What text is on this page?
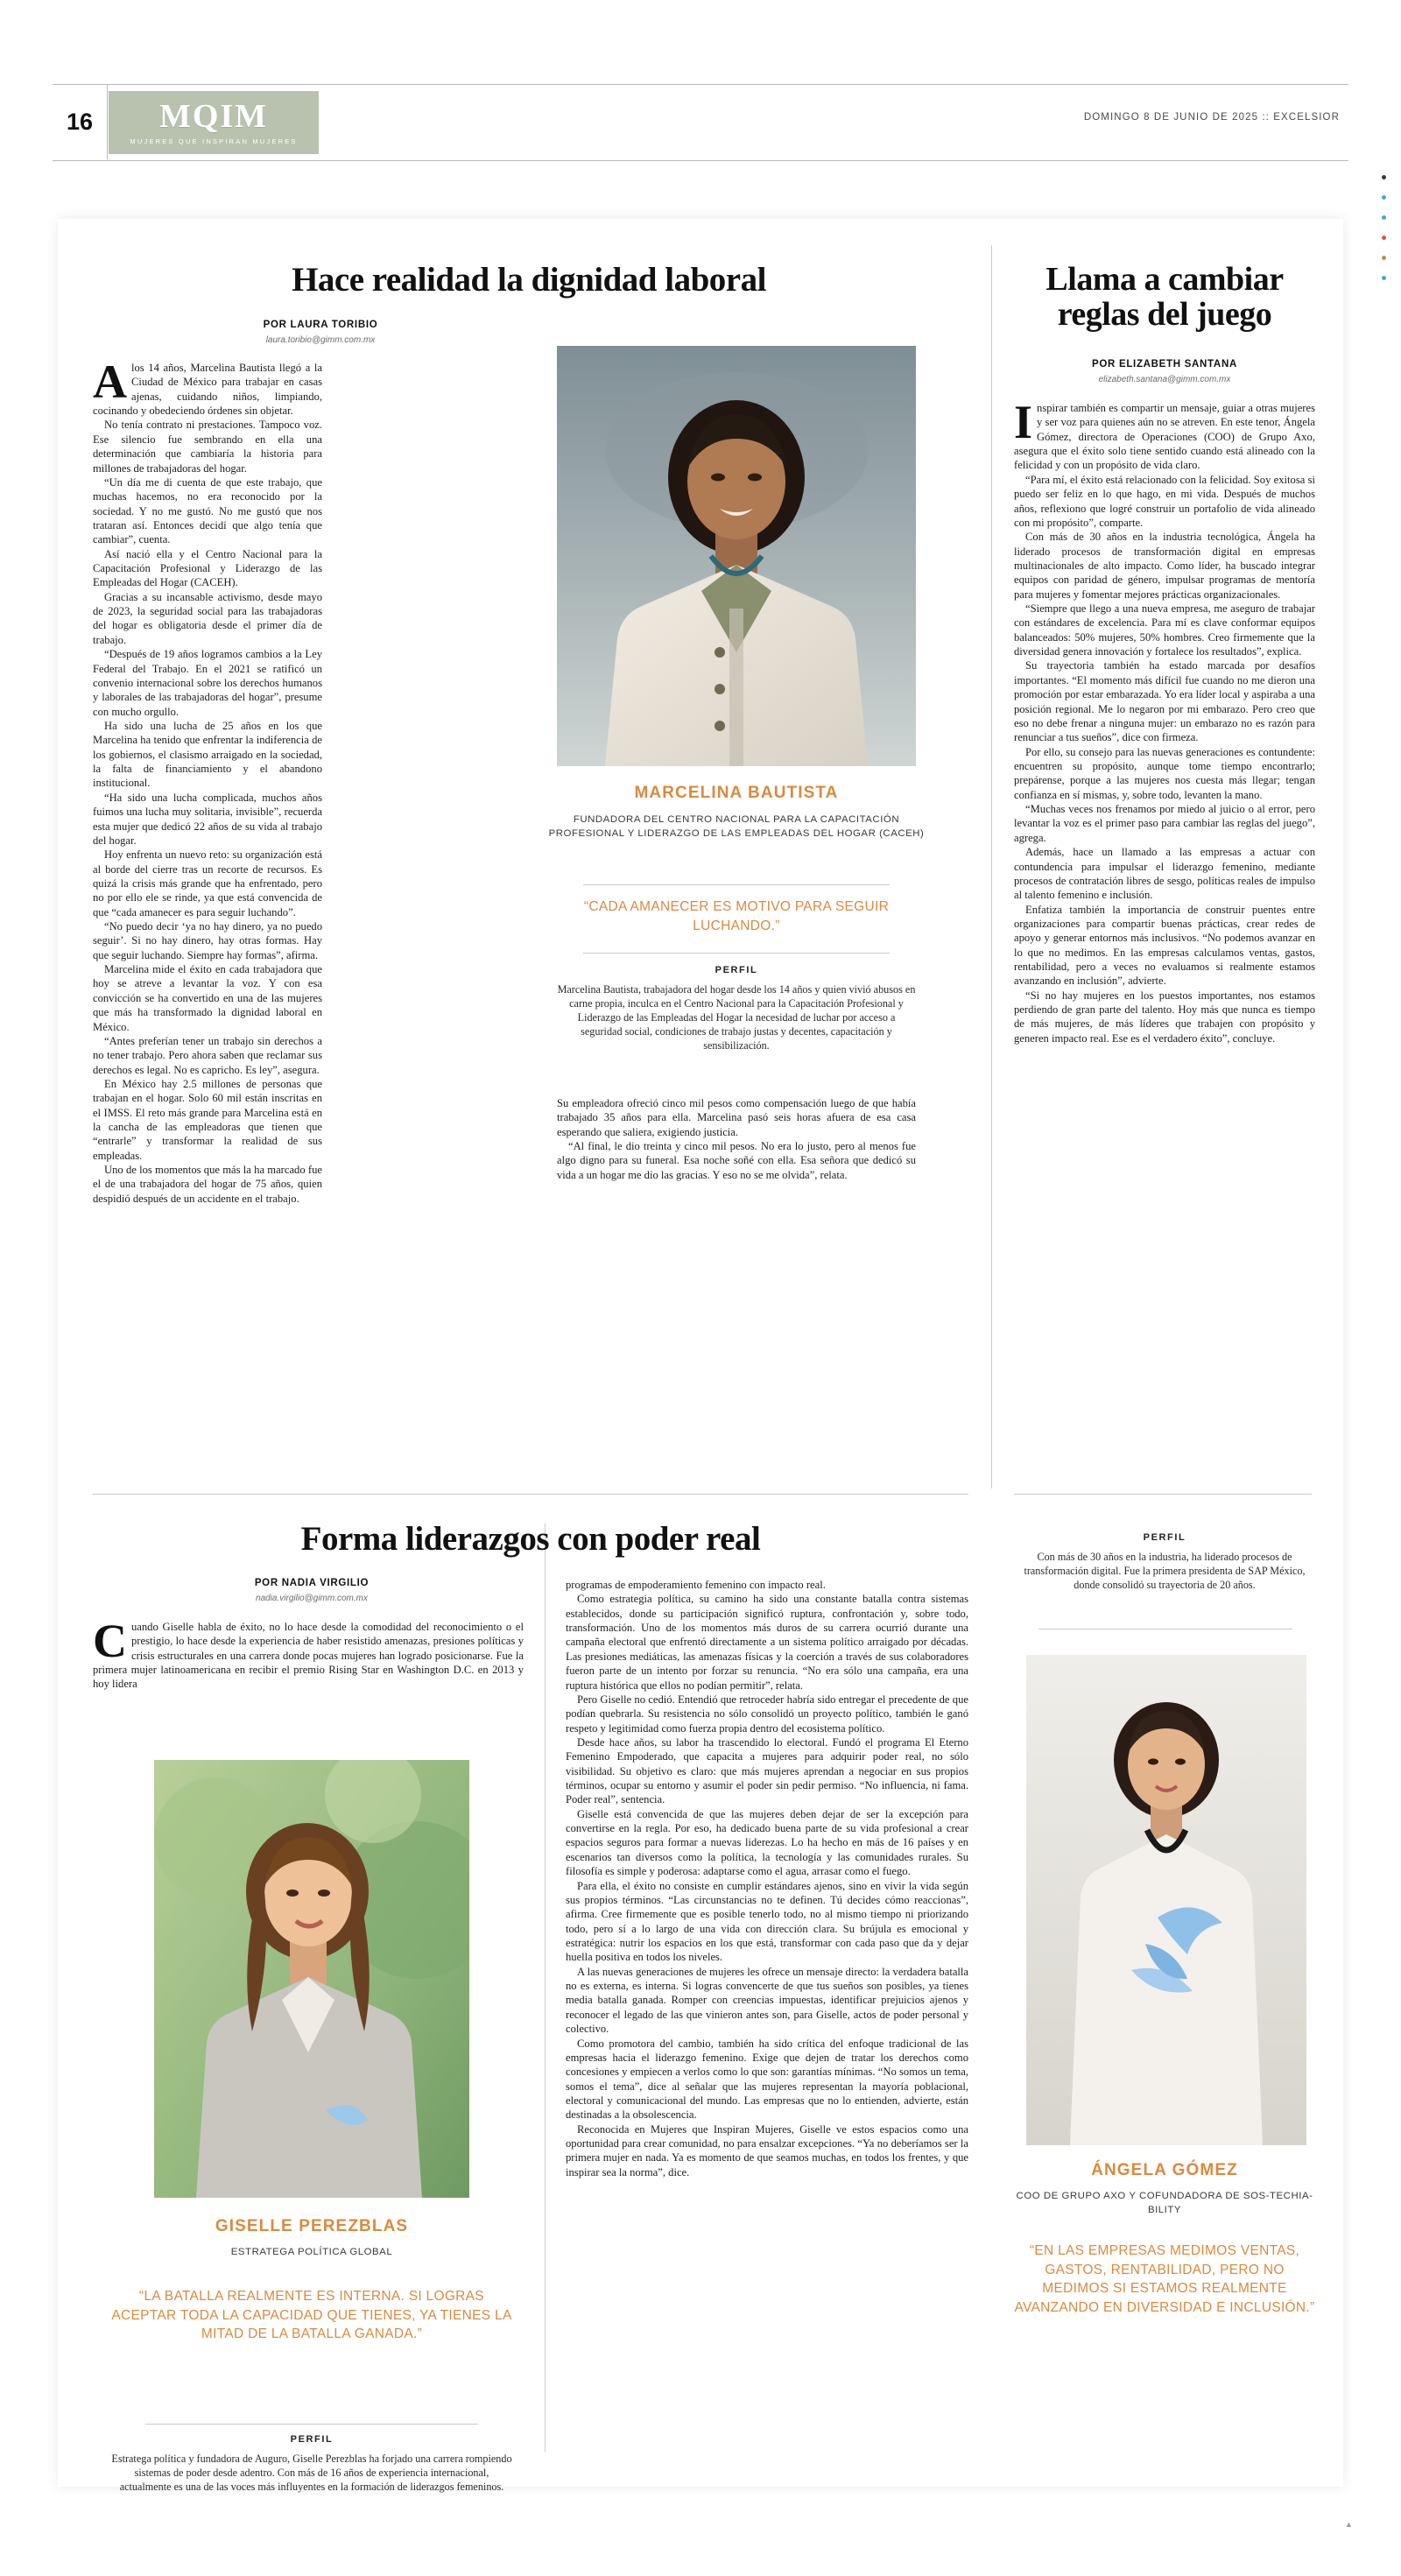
16 MQIM
MUJERES QUE INSPIRAN MUJERES
DOMINGO 8 DE JUNIO DE 2025 :: EXCELSIOR
Hace realidad la dignidad laboral
POR LAURA TORIBIO
laura.toribio@gimm.com.mx

Alos 14 años, Marcelina Bautista llegó a la Ciudad de México para trabajar en casas ajenas, cuidando niños, limpiando, cocinando y obedeciendo órdenes sin objetar.

No tenía contrato ni prestaciones. Tampoco voz. Ese silencio fue sembrando en ella una determinación que cambiaría la historia para millones de trabajadoras del hogar.

“Un día me di cuenta de que este trabajo, que muchas hacemos, no era reconocido por la sociedad. Y no me gustó. No me gustó que nos trataran así. Entonces decidí que algo tenía que cambiar”, cuenta.

Así nació ella y el Centro Nacional para la Capacitación Profesional y Liderazgo de las Empleadas del Hogar (CACEH).

Gracias a su incansable activismo, desde mayo de 2023, la seguridad social para las trabajadoras del hogar es obligatoria desde el primer día de trabajo.

“Después de 19 años logramos cambios a la Ley Federal del Trabajo. En el 2021 se ratificó un convenio internacional sobre los derechos humanos y laborales de las trabajadoras del hogar”, presume con mucho orgullo.

Ha sido una lucha de 25 años en los que Marcelina ha tenido que enfrentar la indiferencia de los gobiernos, el clasismo arraigado en la sociedad, la falta de financiamiento y el abandono institucional.

“Ha sido una lucha complicada, muchos años fuimos una lucha muy solitaria, invisible”, recuerda esta mujer que dedicó 22 años de su vida al trabajo del hogar.

Hoy enfrenta un nuevo reto: su organización está al borde del cierre tras un recorte de recursos. Es quizá la crisis más grande que ha enfrentado, pero no por ello ele se rinde, ya que está convencida de que “cada amanecer es para seguir luchando”.

“No puedo decir ‘ya no hay dinero, ya no puedo seguir’. Si no hay dinero, hay otras formas. Hay que seguir luchando. Siempre hay formas”, afirma.

Marcelina mide el éxito en cada trabajadora que hoy se atreve a levantar la voz. Y con esa convicción se ha convertido en una de las mujeres que más ha transformado la dignidad laboral en México.

“Antes preferían tener un trabajo sin derechos a no tener trabajo. Pero ahora saben que reclamar sus derechos es legal. No es capricho. Es ley”, asegura.

En México hay 2.5 millones de personas que trabajan en el hogar. Solo 60 mil están inscritas en el IMSS. El reto más grande para Marcelina está en la cancha de las empleadoras que tienen que “entrarle” y transformar la realidad de sus empleadas.

Uno de los momentos que más la ha marcado fue el de una trabajadora del hogar de 75 años, quien despidió después de un accidente en el trabajo.

MARCELINA BAUTISTA
FUNDADORA DEL CENTRO NACIONAL PARA LA CAPACITACIÓN PROFESIONAL Y LIDERAZGO DE LAS EMPLEADAS DEL HOGAR (CACEH)
“CADA AMANECER ES MOTIVO PARA SEGUIR LUCHANDO.”
PERFIL
Marcelina Bautista, trabajadora del hogar desde los 14 años y quien vivió abusos en carne propia, inculca en el Centro Nacional para la Capacitación Profesional y Liderazgo de las Empleadas del Hogar la necesidad de luchar por acceso a seguridad social, condiciones de trabajo justas y decentes, capacitación y sensibilización.

Su empleadora ofreció cinco mil pesos como compensación luego de que había trabajado 35 años para ella. Marcelina pasó seis horas afuera de esa casa esperando que saliera, exigiendo justicia.

“Al final, le dio treinta y cinco mil pesos. No era lo justo, pero al menos fue algo digno para su funeral. Esa noche soñé con ella. Esa señora que dedicó su vida a un hogar me dio las gracias. Y eso no se me olvida”, relata.

Llama a cambiar reglas del juego
POR ELIZABETH SANTANA
elizabeth.santana@gimm.com.mx

Inspirar también es compartir un mensaje, guiar a otras mujeres y ser voz para quienes aún no se atreven. En este tenor, Ángela Gómez, directora de Operaciones (COO) de Grupo Axo, asegura que el éxito solo tiene sentido cuando está alineado con la felicidad y con un propósito de vida claro.

“Para mí, el éxito está relacionado con la felicidad. Soy exitosa si puedo ser feliz en lo que hago, en mi vida. Después de muchos años, reflexiono que logré construir un portafolio de vida alineado con mi propósito”, comparte.

Con más de 30 años en la industria tecnológica, Ángela ha liderado procesos de transformación digital en empresas multinacionales de alto impacto. Como líder, ha buscado integrar equipos con paridad de género, impulsar programas de mentoría para mujeres y fomentar mejores prácticas organizacionales.

“Siempre que llego a una nueva empresa, me aseguro de trabajar con estándares de excelencia. Para mí es clave conformar equipos balanceados: 50% mujeres, 50% hombres. Creo firmemente que la diversidad genera innovación y fortalece los resultados”, explica.

Su trayectoria también ha estado marcada por desafíos importantes. “El momento más difícil fue cuando no me dieron una promoción por estar embarazada. Yo era líder local y aspiraba a una posición regional. Me lo negaron por mi embarazo. Pero creo que eso no debe frenar a ninguna mujer: un embarazo no es razón para renunciar a tus sueños”, dice con firmeza.

Por ello, su consejo para las nuevas generaciones es contundente: encuentren su propósito, aunque tome tiempo encontrarlo; prepárense, porque a las mujeres nos cuesta más llegar; tengan confianza en sí mismas, y, sobre todo, levanten la mano.

“Muchas veces nos frenamos por miedo al juicio o al error, pero levantar la voz es el primer paso para cambiar las reglas del juego”, agrega.

Además, hace un llamado a las empresas a actuar con contundencia para impulsar el liderazgo femenino, mediante procesos de contratación libres de sesgo, políticas reales de impulso al talento femenino e inclusión.

Enfatiza también la importancia de construir puentes entre organizaciones para compartir buenas prácticas, crear redes de apoyo y generar entornos más inclusivos. “No podemos avanzar en lo que no medimos. En las empresas calculamos ventas, gastos, rentabilidad, pero a veces no evaluamos si realmente estamos avanzando en inclusión”, advierte.

“Si no hay mujeres en los puestos importantes, nos estamos perdiendo de gran parte del talento. Hoy más que nunca es tiempo de más mujeres, de más líderes que trabajen con propósito y generen impacto real. Ese es el verdadero éxito”, concluye.

PERFIL
Con más de 30 años en la industria, ha liderado procesos de transformación digital. Fue la primera presidenta de SAP México, donde consolidó su trayectoria de 20 años.
ÁNGELA GÓMEZ
COO DE GRUPO AXO Y COFUNDADORA DE SOS-TECHIA-BILITY
“EN LAS EMPRESAS MEDIMOS VENTAS, GASTOS, RENTABILIDAD, PERO NO MEDIMOS SI ESTAMOS REALMENTE AVANZANDO EN DIVERSIDAD E INCLUSIÓN.”
Forma liderazgos con poder real
POR NADIA VIRGILIO
nadia.virgilio@gimm.com.mx

Cuando Giselle habla de éxito, no lo hace desde la comodidad del reconocimiento o el prestigio, lo hace desde la experiencia de haber resistido amenazas, presiones políticas y crisis estructurales en una carrera donde pocas mujeres han logrado posicionarse. Fue la primera mujer latinoamericana en recibir el premio Rising Star en Washington D.C. en 2013 y hoy lidera

programas de empoderamiento femenino con impacto real.

Como estrategia política, su camino ha sido una constante batalla contra sistemas establecidos, donde su participación significó ruptura, confrontación y, sobre todo, transformación. Uno de los momentos más duros de su carrera ocurrió durante una campaña electoral que enfrentó directamente a un sistema político arraigado por décadas. Las presiones mediáticas, las amenazas físicas y la coerción a través de sus colaboradores fueron parte de un intento por forzar su renuncia. “No era sólo una campaña, era una ruptura histórica que ellos no podían permitir”, relata.

Pero Giselle no cedió. Entendió que retroceder habría sido entregar el precedente de que podían quebrarla. Su resistencia no sólo consolidó un proyecto político, también le ganó respeto y legitimidad como fuerza propia dentro del ecosistema político.

Desde hace años, su labor ha trascendido lo electoral. Fundó el programa El Eterno Femenino Empoderado, que capacita a mujeres para adquirir poder real, no sólo visibilidad. Su objetivo es claro: que más mujeres aprendan a negociar en sus propios términos, ocupar su entorno y asumir el poder sin pedir permiso. “No influencia, ni fama. Poder real”, sentencia.

Giselle está convencida de que las mujeres deben dejar de ser la excepción para convertirse en la regla. Por eso, ha dedicado buena parte de su vida profesional a crear espacios seguros para formar a nuevas liderezas. Lo ha hecho en más de 16 países y en escenarios tan diversos como la política, la tecnología y las comunidades rurales. Su filosofía es simple y poderosa: adaptarse como el agua, arrasar como el fuego.

Para ella, el éxito no consiste en cumplir estándares ajenos, sino en vivir la vida según sus propios términos. “Las circunstancias no te definen. Tú decides cómo reaccionas”, afirma. Cree firmemente que es posible tenerlo todo, no al mismo tiempo ni priorizando todo, pero sí a lo largo de una vida con dirección clara. Su brújula es emocional y estratégica: nutrir los espacios en los que está, transformar con cada paso que da y dejar huella positiva en todos los niveles.

A las nuevas generaciones de mujeres les ofrece un mensaje directo: la verdadera batalla no es externa, es interna. Si logras convencerte de que tus sueños son posibles, ya tienes media batalla ganada. Romper con creencias impuestas, identificar prejuicios ajenos y reconocer el legado de las que vinieron antes son, para Giselle, actos de poder personal y colectivo.

Como promotora del cambio, también ha sido crítica del enfoque tradicional de las empresas hacia el liderazgo femenino. Exige que dejen de tratar los derechos como concesiones y empiecen a verlos como lo que son: garantías mínimas. “No somos un tema, somos el tema”, dice al señalar que las mujeres representan la mayoría poblacional, electoral y comunicacional del mundo. Las empresas que no lo entienden, advierte, están destinadas a la obsolescencia.

Reconocida en Mujeres que Inspiran Mujeres, Giselle ve estos espacios como una oportunidad para crear comunidad, no para ensalzar excepciones. “Ya no deberíamos ser la primera mujer en nada. Ya es momento de que seamos muchas, en todos los frentes, y que inspirar sea la norma”, dice.

GISELLE PEREZBLAS
ESTRATEGA POLÍTICA GLOBAL
“LA BATALLA REALMENTE ES INTERNA. SI LOGRAS ACEPTAR TODA LA CAPACIDAD QUE TIENES, YA TIENES LA MITAD DE LA BATALLA GANADA.”
PERFIL
Estratega política y fundadora de Auguro, Giselle Perezblas ha forjado una carrera rompiendo sistemas de poder desde adentro. Con más de 16 años de experiencia internacional, actualmente es una de las voces más influyentes en la formación de liderazgos femeninos.
▲
